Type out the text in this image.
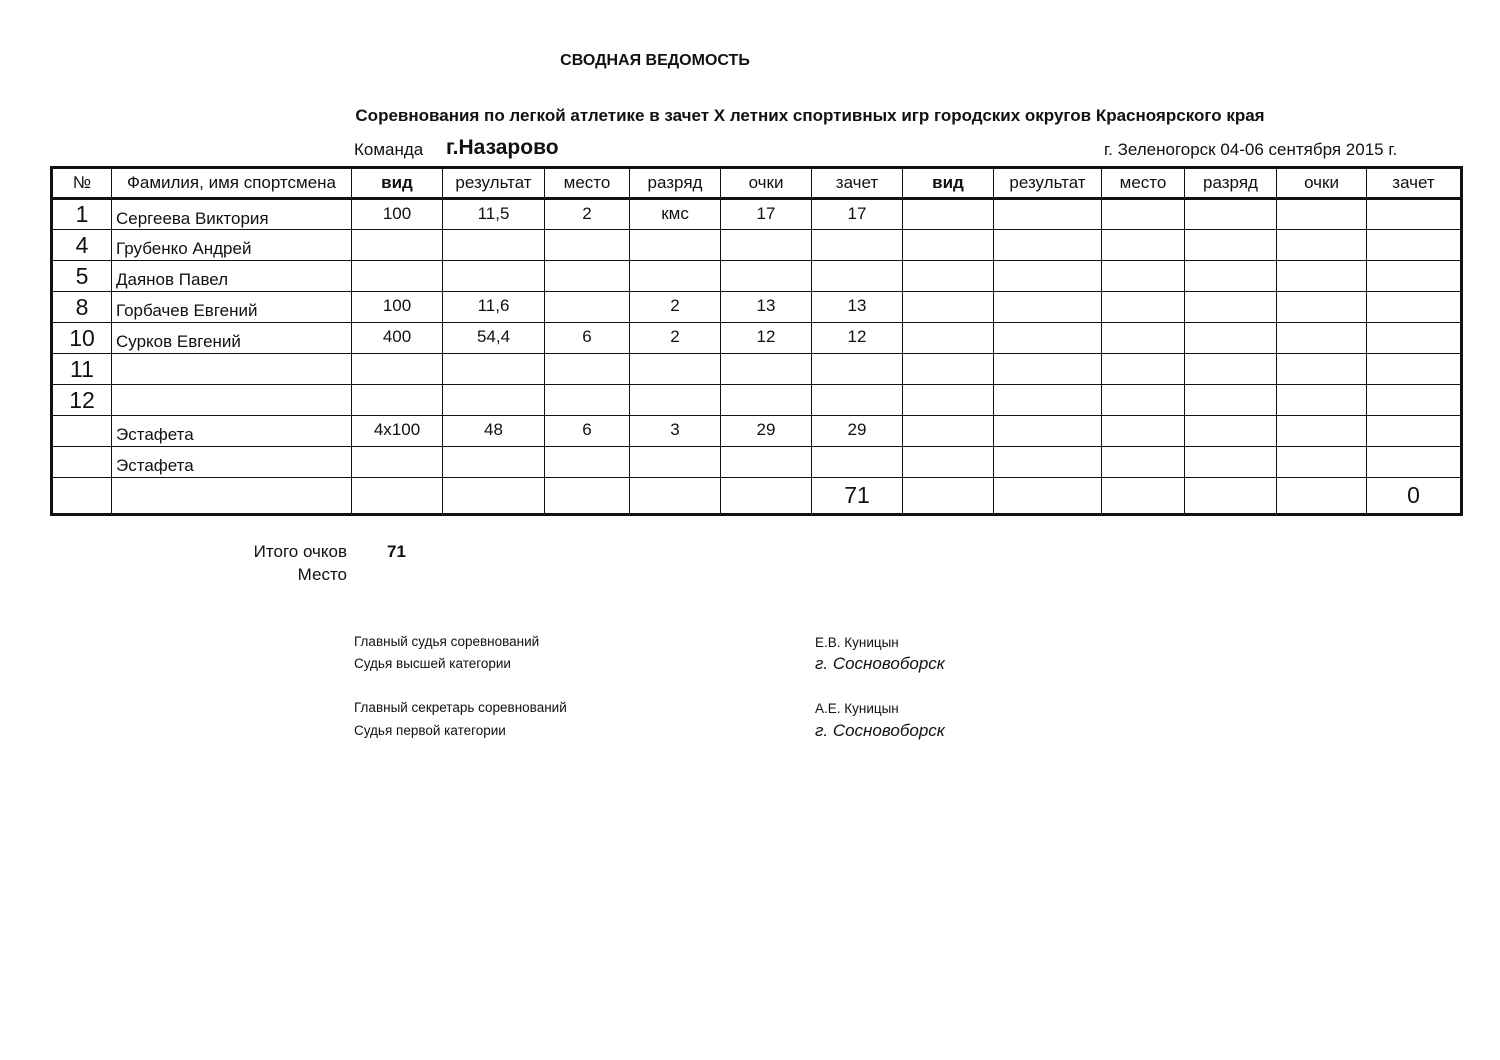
СВОДНАЯ ВЕДОМОСТЬ
Соревнования по легкой атлетике в зачет X летних спортивных игр городских округов Красноярского края
Команда г.Назарово	г. Зеленогорск 04-06 сентября 2015 г.
№	Фамилия, имя спортсмена	вид	результат	место	разряд	очки	зачет	вид	результат	место	разряд	очки	зачет
1	Сергеева Виктория	100	11,5	2	кмс	17	17						
4	Грубенко Андрей												
5	Даянов Павел												
8	Горбачев Евгений	100	11,6		2	13	13						
10	Сурков Евгений	400	54,4	6	2	12	12						
11													
12													
	Эстафета	4х100	48	6	3	29	29						
	Эстафета												
							71						0
Итого очков 71
Место
Главный судья соревнований
Судья высшей категории
Е.В. Куницын
г. Сосновоборск
Главный секретарь соревнований
Судья первой категории
А.Е. Куницын
г. Сосновоборск
